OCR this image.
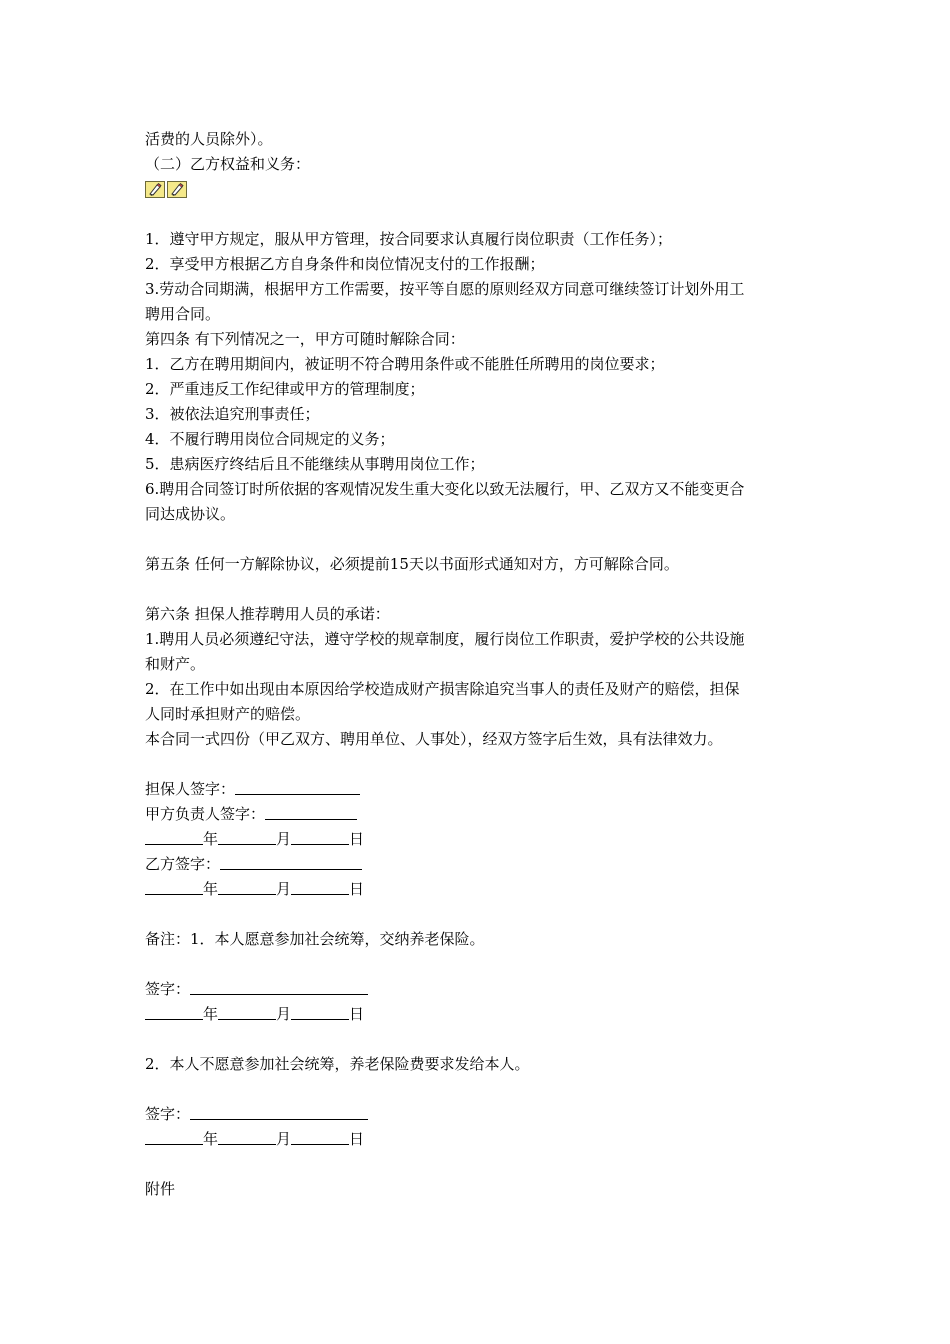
活费的人员除外）。
（二）乙方权益和义务：
1．遵守甲方规定，服从甲方管理，按合同要求认真履行岗位职责（工作任务）；
2．享受甲方根据乙方自身条件和岗位情况支付的工作报酬；
3.劳动合同期满，根据甲方工作需要，按平等自愿的原则经双方同意可继续签订计划外用工
聘用合同。
第四条 有下列情况之一，甲方可随时解除合同：
1．乙方在聘用期间内，被证明不符合聘用条件或不能胜任所聘用的岗位要求；
2．严重违反工作纪律或甲方的管理制度；
3．被依法追究刑事责任；
4．不履行聘用岗位合同规定的义务；
5．患病医疗终结后且不能继续从事聘用岗位工作；
6.聘用合同签订时所依据的客观情况发生重大变化以致无法履行，甲、乙双方又不能变更合
同达成协议。
第五条 任何一方解除协议，必须提前15天以书面形式通知对方，方可解除合同。
第六条 担保人推荐聘用人员的承诺：
1.聘用人员必须遵纪守法，遵守学校的规章制度，履行岗位工作职责，爱护学校的公共设施
和财产。
2．在工作中如出现由本原因给学校造成财产损害除追究当事人的责任及财产的赔偿，担保
人同时承担财产的赔偿。
本合同一式四份（甲乙双方、聘用单位、人事处），经双方签字后生效，具有法律效力。
担保人签字：
甲方负责人签字：
年	月	日
乙方签字：
年	月	日
备注：1．本人愿意参加社会统筹，交纳养老保险。
签字：
年	月	日
2．本人不愿意参加社会统筹，养老保险费要求发给本人。
签字：
年	月	日
附件
